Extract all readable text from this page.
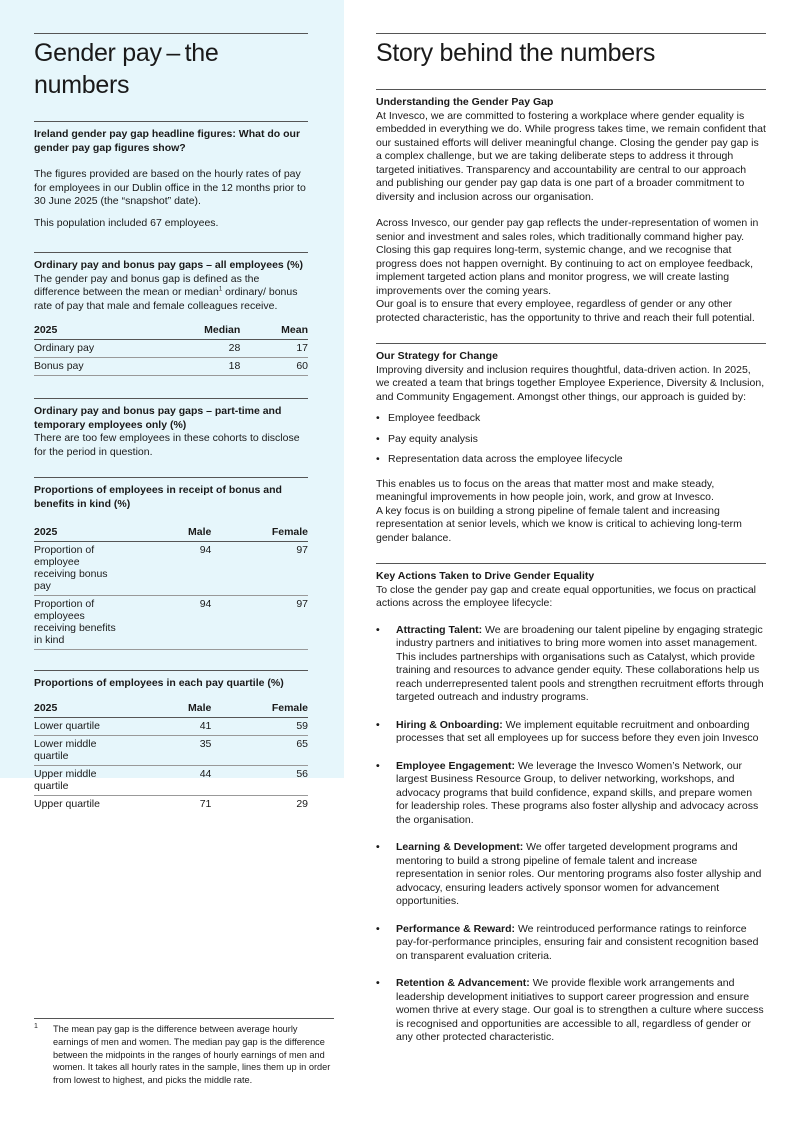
Gender pay – the numbers
Ireland gender pay gap headline figures: What do our gender pay gap figures show?

The figures provided are based on the hourly rates of pay for employees in our Dublin office in the 12 months prior to 30 June 2025 (the “snapshot” date).

This population included 67 employees.

Ordinary pay and bonus pay gaps – all employees (%)

The gender pay and bonus gap is defined as the difference between the mean or median$^1$ ordinary/ bonus rate of pay that male and female colleagues receive.

2025	Median	Mean
Ordinary pay	28	17
Bonus pay	18	60
Ordinary pay and bonus pay gaps – part-time and temporary employees only (%)

There are too few employees in these cohorts to disclose for the period in question.

Proportions of employees in receipt of bonus and benefits in kind (%)
2025	Male	Female
Proportion of employee receiving bonus pay	94	97
Proportion of employees receiving benefits in kind	94	97
Proportions of employees in each pay quartile (%)
2025	Male	Female
Lower quartile	41	59
Lower middle quartile	35	65
Upper middle quartile	44	56
Upper quartile	71	29
1	The mean pay gap is the difference between average hourly earnings of men and women. The median pay gap is the difference between the midpoints in the ranges of hourly earnings of men and women. It takes all hourly rates in the sample, lines them up in order from lowest to highest, and picks the middle rate.

Story behind the numbers
Understanding the Gender Pay Gap

At Invesco, we are committed to fostering a workplace where gender equality is embedded in everything we do. While progress takes time, we remain confident that our sustained efforts will deliver meaningful change. Closing the gender pay gap is a complex challenge, but we are taking deliberate steps to address it through targeted initiatives. Transparency and accountability are central to our approach and publishing our gender pay gap data is one part of a broader commitment to diversity and inclusion across our organisation.

Across Invesco, our gender pay gap reflects the under-representation of women in senior and investment and sales roles, which traditionally command higher pay. Closing this gap requires long-term, systemic change, and we recognise that progress does not happen overnight. By continuing to act on employee feedback, implement targeted action plans and monitor progress, we will create lasting improvements over the coming years.

Our goal is to ensure that every employee, regardless of gender or any other protected characteristic, has the opportunity to thrive and reach their full potential.

Our Strategy for Change

Improving diversity and inclusion requires thoughtful, data-driven action. In 2025, we created a team that brings together Employee Experience, Diversity & Inclusion, and Community Engagement. Amongst other things, our approach is guided by:

• Employee feedback
• Pay equity analysis
• Representation data across the employee lifecycle

This enables us to focus on the areas that matter most and make steady, meaningful improvements in how people join, work, and grow at Invesco.

A key focus is on building a strong pipeline of female talent and increasing representation at senior levels, which we know is critical to achieving long-term gender balance.

Key Actions Taken to Drive Gender Equality

To close the gender pay gap and create equal opportunities, we focus on practical actions across the employee lifecycle:

• Attracting Talent: We are broadening our talent pipeline by engaging strategic industry partners and initiatives to bring more women into asset management. This includes partnerships with organisations such as Catalyst, which provide training and resources to advance gender equity. These collaborations help us reach underrepresented talent pools and strengthen recruitment efforts through targeted outreach and industry programs.
• Hiring & Onboarding: We implement equitable recruitment and onboarding processes that set all employees up for success before they even join Invesco
• Employee Engagement: We leverage the Invesco Women’s Network, our largest Business Resource Group, to deliver networking, workshops, and advocacy programs that build confidence, expand skills, and prepare women for leadership roles. These programs also foster allyship and advocacy across the organisation.
• Learning & Development: We offer targeted development programs and mentoring to build a strong pipeline of female talent and increase representation in senior roles. Our mentoring programs also foster allyship and advocacy, ensuring leaders actively sponsor women for advancement opportunities.
• Performance & Reward: We reintroduced performance ratings to reinforce pay-for-performance principles, ensuring fair and consistent recognition based on transparent evaluation criteria.
• Retention & Advancement: We provide flexible work arrangements and leadership development initiatives to support career progression and ensure women thrive at every stage. Our goal is to strengthen a culture where success is recognised and opportunities are accessible to all, regardless of gender or any other protected characteristic.
